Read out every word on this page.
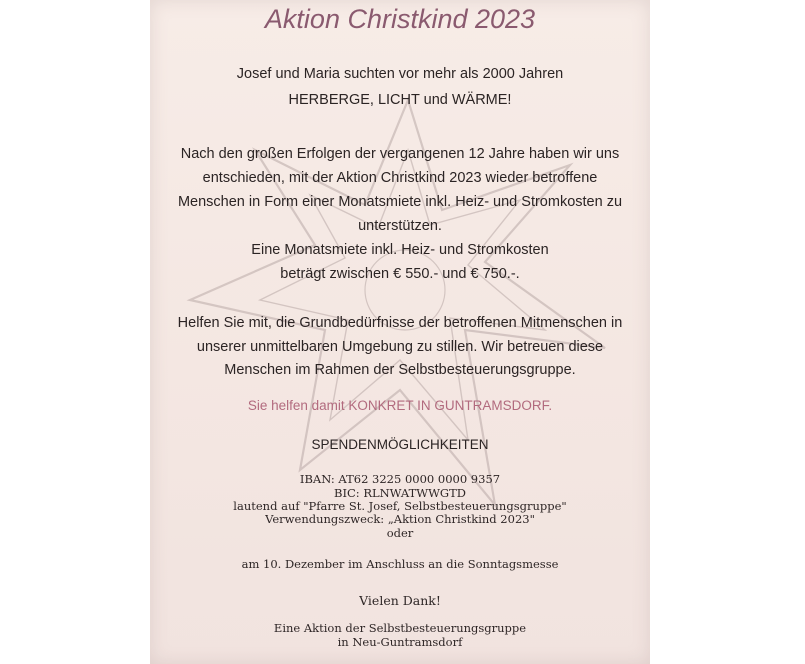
Aktion Christkind 2023
Josef und Maria suchten vor mehr als 2000 Jahren
HERBERGE, LICHT und WÄRME!
Nach den großen Erfolgen der vergangenen 12 Jahre haben wir uns
entschieden, mit der Aktion Christkind 2023 wieder betroffene
Menschen in Form einer Monatsmiete inkl. Heiz- und Stromkosten zu
unterstützen.
Eine Monatsmiete inkl. Heiz- und Stromkosten
beträgt zwischen € 550.- und € 750.-.
Helfen Sie mit, die Grundbedürfnisse der betroffenen Mitmenschen in
unserer unmittelbaren Umgebung zu stillen. Wir betreuen diese
Menschen im Rahmen der Selbstbesteuerungsgruppe.
Sie helfen damit KONKRET IN GUNTRAMSDORF.
SPENDENMÖGLICHKEITEN
IBAN: AT62 3225 0000 0000 9357
BIC: RLNWATWWGTD
lautend auf "Pfarre St. Josef, Selbstbesteuerungsgruppe"
Verwendungszweck: „Aktion Christkind 2023"
oder
am 10. Dezember im Anschluss an die Sonntagsmesse
Vielen Dank!
Eine Aktion der Selbstbesteuerungsgruppe
in Neu-Guntramsdorf
